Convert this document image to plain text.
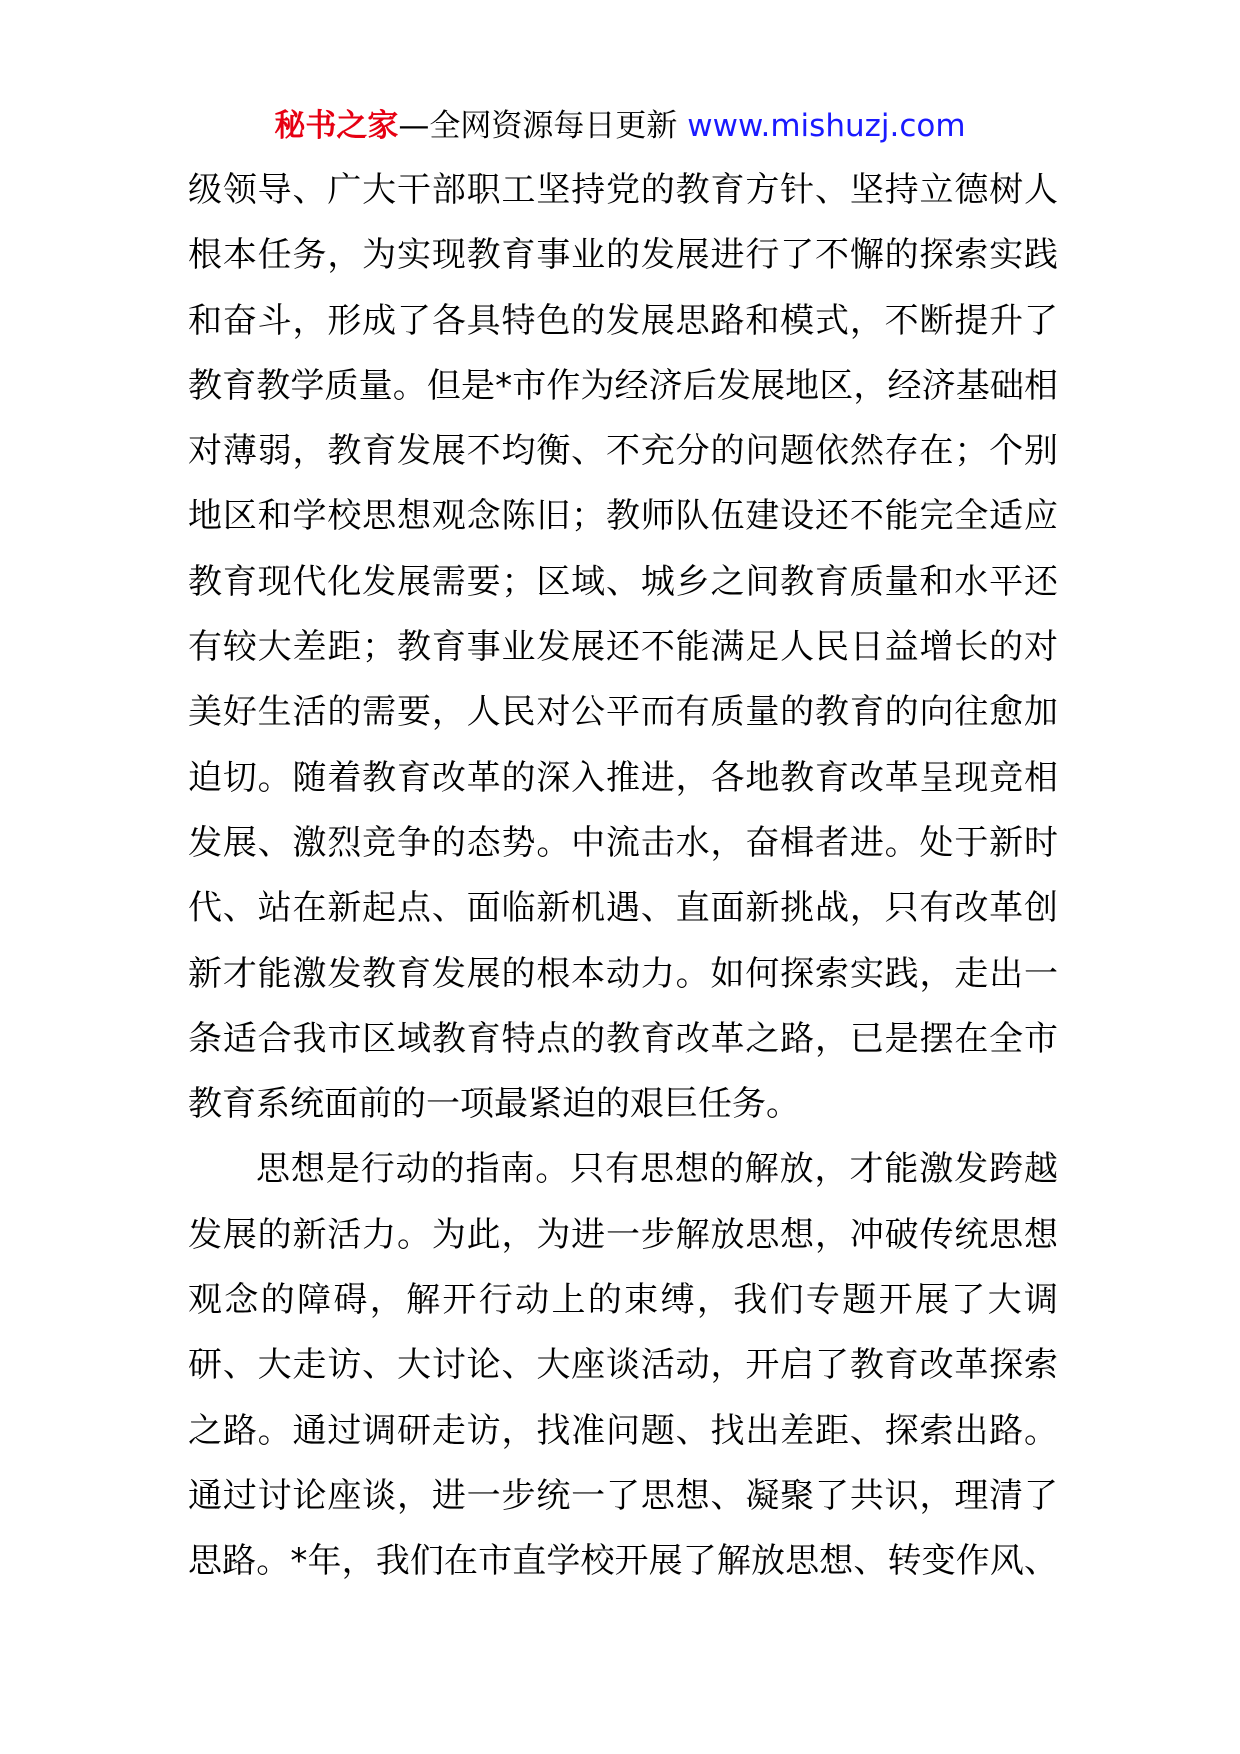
秘书之家—全网资源每日更新 www.mishuzj.com
级领导、广大干部职工坚持党的教育方针、坚持立德树人
根本任务，为实现教育事业的发展进行了不懈的探索实践
和奋斗，形成了各具特色的发展思路和模式，不断提升了
教育教学质量。但是*市作为经济后发展地区，经济基础相
对薄弱，教育发展不均衡、不充分的问题依然存在；个别
地区和学校思想观念陈旧；教师队伍建设还不能完全适应
教育现代化发展需要；区域、城乡之间教育质量和水平还
有较大差距；教育事业发展还不能满足人民日益增长的对
美好生活的需要，人民对公平而有质量的教育的向往愈加
迫切。随着教育改革的深入推进，各地教育改革呈现竞相
发展、激烈竞争的态势。中流击水，奋楫者进。处于新时
代、站在新起点、面临新机遇、直面新挑战，只有改革创
新才能激发教育发展的根本动力。如何探索实践，走出一
条适合我市区域教育特点的教育改革之路，已是摆在全市
教育系统面前的一项最紧迫的艰巨任务。
思想是行动的指南。只有思想的解放，才能激发跨越
发展的新活力。为此，为进一步解放思想，冲破传统思想
观念的障碍，解开行动上的束缚，我们专题开展了大调
研、大走访、大讨论、大座谈活动，开启了教育改革探索
之路。通过调研走访，找准问题、找出差距、探索出路。
通过讨论座谈，进一步统一了思想、凝聚了共识，理清了
思路。*年，我们在市直学校开展了解放思想、转变作风、
